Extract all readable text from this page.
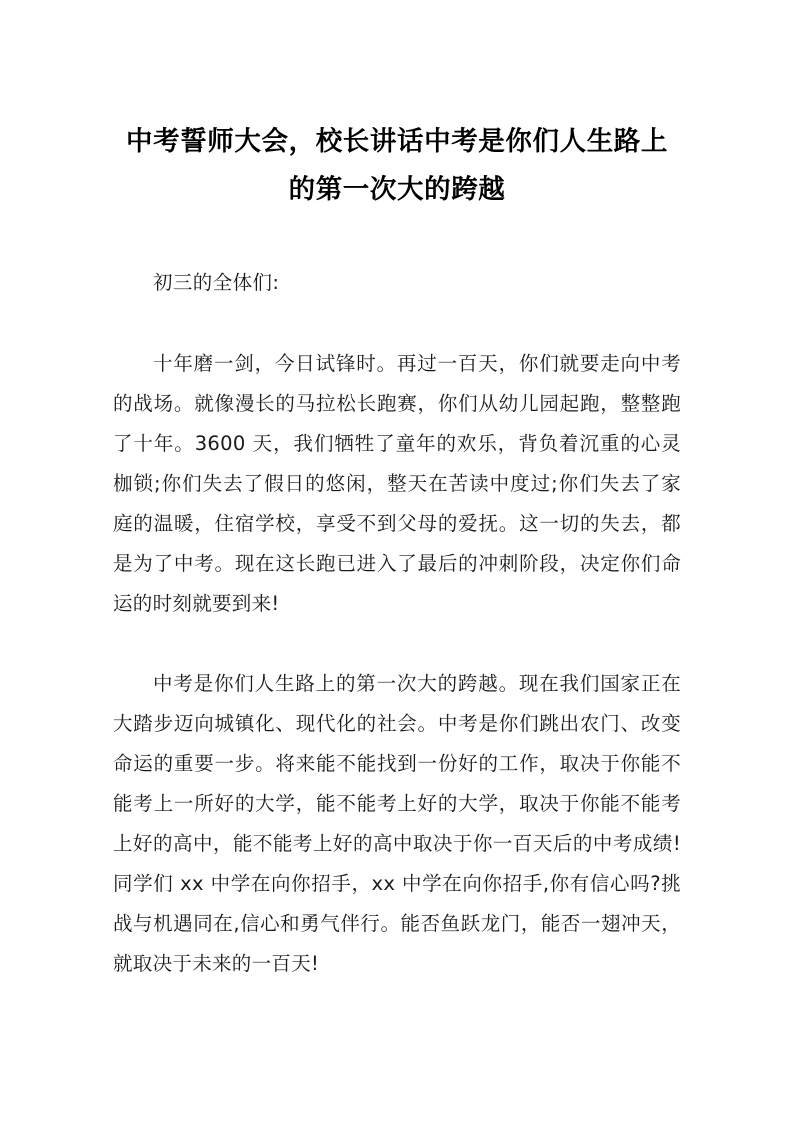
中考誓师大会，校长讲话中考是你们人生路上的第一次大的跨越

初三的全体们:

十年磨一剑，今日试锋时。再过一百天，你们就要走向中考的战场。就像漫长的马拉松长跑赛，你们从幼儿园起跑，整整跑了十年。3600 天，我们牺牲了童年的欢乐，背负着沉重的心灵枷锁;你们失去了假日的悠闲，整天在苦读中度过;你们失去了家庭的温暖，住宿学校，享受不到父母的爱抚。这一切的失去，都是为了中考。现在这长跑已进入了最后的冲刺阶段，决定你们命运的时刻就要到来!

中考是你们人生路上的第一次大的跨越。现在我们国家正在大踏步迈向城镇化、现代化的社会。中考是你们跳出农门、改变命运的重要一步。将来能不能找到一份好的工作，取决于你能不能考上一所好的大学，能不能考上好的大学，取决于你能不能考上好的高中，能不能考上好的高中取决于你一百天后的中考成绩!同学们 xx 中学在向你招手，xx 中学在向你招手,你有信心吗?挑战与机遇同在,信心和勇气伴行。能否鱼跃龙门，能否一翅冲天，就取决于未来的一百天!
